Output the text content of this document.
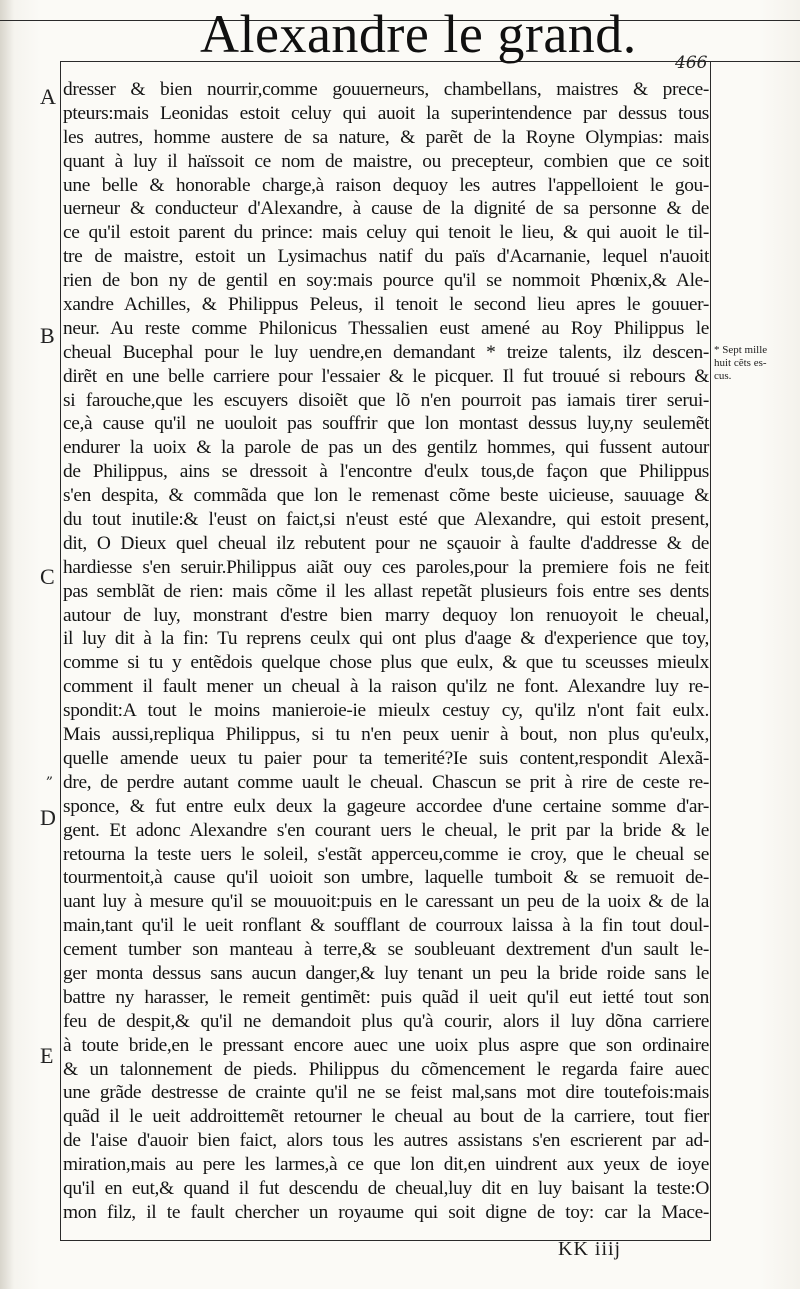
Alexandre le grand. 466
A
B
C
D
E
„
dresser & bien nourrir,comme gouuerneurs, chambellans, maistres & prece-
pteurs:mais Leonidas estoit celuy qui auoit la superintendence par dessus tous
les autres, homme austere de sa nature, & parẽt de la Royne Olympias: mais
quant à luy il haïssoit ce nom de maistre, ou precepteur, combien que ce soit
une belle & honorable charge,à raison dequoy les autres l'appelloient le gou-
uerneur & conducteur d'Alexandre, à cause de la dignité de sa personne & de
ce qu'il estoit parent du prince: mais celuy qui tenoit le lieu, & qui auoit le til-
tre de maistre, estoit un Lysimachus natif du païs d'Acarnanie, lequel n'auoit
rien de bon ny de gentil en soy:mais pource qu'il se nommoit Phœnix,& Ale-
xandre Achilles, & Philippus Peleus, il tenoit le second lieu apres le gouuer-
neur. Au reste comme Philonicus Thessalien eust amené au Roy Philippus le
cheual Bucephal pour le luy uendre,en demandant * treize talents, ilz descen-
dirẽt en une belle carriere pour l'essaier & le picquer. Il fut trouué si rebours &
si farouche,que les escuyers disoiẽt que lõ n'en pourroit pas iamais tirer serui-
ce,à cause qu'il ne uouloit pas souffrir que lon montast dessus luy,ny seulemẽt
endurer la uoix & la parole de pas un des gentilz hommes, qui fussent autour
de Philippus, ains se dressoit à l'encontre d'eulx tous,de façon que Philippus
s'en despita, & commãda que lon le remenast cõme beste uicieuse, sauuage &
du tout inutile:& l'eust on faict,si n'eust esté que Alexandre, qui estoit present,
dit, O Dieux quel cheual ilz rebutent pour ne sçauoir à faulte d'addresse & de
hardiesse s'en seruir.Philippus aiãt ouy ces paroles,pour la premiere fois ne feit
pas semblãt de rien: mais cõme il les allast repetãt plusieurs fois entre ses dents
autour de luy, monstrant d'estre bien marry dequoy lon renuoyoit le cheual,
il luy dit à la fin: Tu reprens ceulx qui ont plus d'aage & d'experience que toy,
comme si tu y entẽdois quelque chose plus que eulx, & que tu sceusses mieulx
comment il fault mener un cheual à la raison qu'ilz ne font. Alexandre luy re-
spondit:A tout le moins manieroie-ie mieulx cestuy cy, qu'ilz n'ont fait eulx.
Mais aussi,repliqua Philippus, si tu n'en peux uenir à bout, non plus qu'eulx,
quelle amende ueux tu paier pour ta temerité?Ie suis content,respondit Alexã-
dre, de perdre autant comme uault le cheual. Chascun se prit à rire de ceste re-
sponce, & fut entre eulx deux la gageure accordee d'une certaine somme d'ar-
gent. Et adonc Alexandre s'en courant uers le cheual, le prit par la bride & le
retourna la teste uers le soleil, s'estãt apperceu,comme ie croy, que le cheual se
tourmentoit,à cause qu'il uoioit son umbre, laquelle tumboit & se remuoit de-
uant luy à mesure qu'il se mouuoit:puis en le caressant un peu de la uoix & de la
main,tant qu'il le ueit ronflant & soufflant de courroux laissa à la fin tout doul-
cement tumber son manteau à terre,& se soubleuant dextrement d'un sault le-
ger monta dessus sans aucun danger,& luy tenant un peu la bride roide sans le
battre ny harasser, le remeit gentimẽt: puis quãd il ueit qu'il eut ietté tout son
feu de despit,& qu'il ne demandoit plus qu'à courir, alors il luy dõna carriere
à toute bride,en le pressant encore auec une uoix plus aspre que son ordinaire
& un talonnement de pieds. Philippus du cõmencement le regarda faire auec
une grãde destresse de crainte qu'il ne se feist mal,sans mot dire toutefois:mais
quãd il le ueit addroittemẽt retourner le cheual au bout de la carriere, tout fier
de l'aise d'auoir bien faict, alors tous les autres assistans s'en escrierent par ad-
miration,mais au pere les larmes,à ce que lon dit,en uindrent aux yeux de ioye
qu'il en eut,& quand il fut descendu de cheual,luy dit en luy baisant la teste:O
mon filz, il te fault chercher un royaume qui soit digne de toy: car la Mace-
* Sept mille
huit cẽts es-
cus.
KK iiij
